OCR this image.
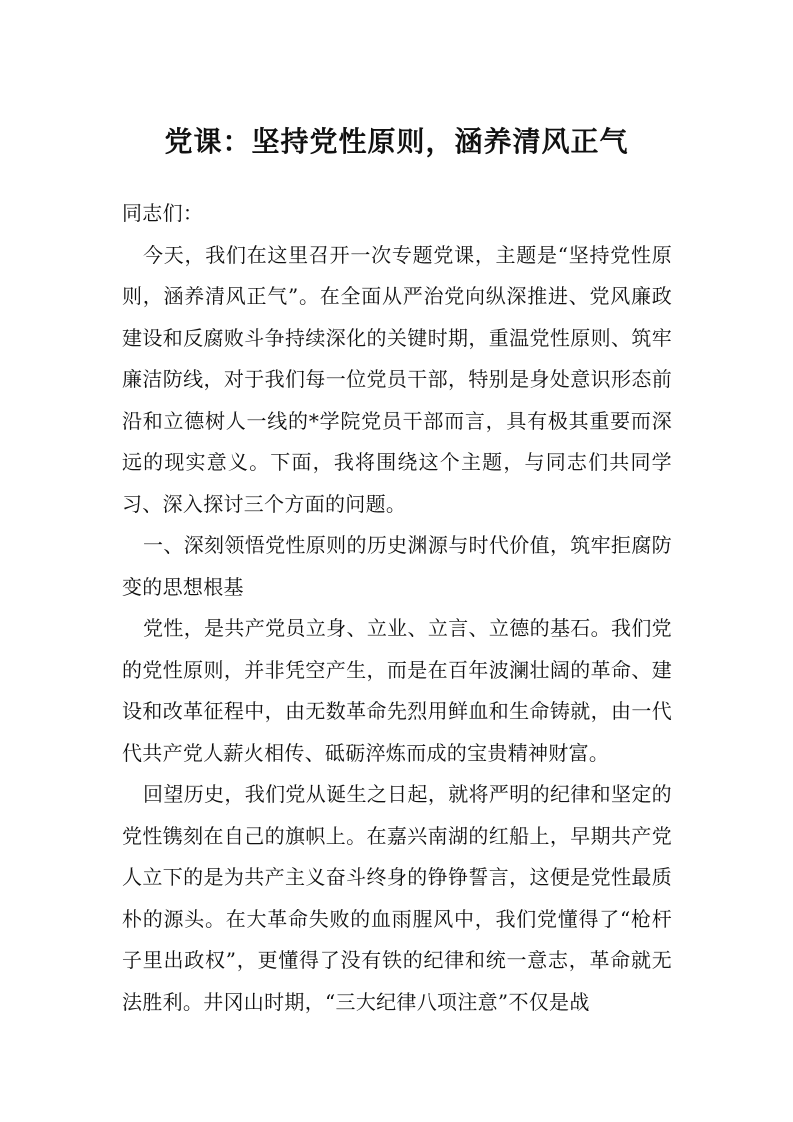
党课：坚持党性原则，涵养清风正气

同志们：

今天，我们在这里召开一次专题党课，主题是“坚持党性原则，涵养清风正气”。在全面从严治党向纵深推进、党风廉政建设和反腐败斗争持续深化的关键时期，重温党性原则、筑牢廉洁防线，对于我们每一位党员干部，特别是身处意识形态前沿和立德树人一线的*学院党员干部而言，具有极其重要而深远的现实意义。下面，我将围绕这个主题，与同志们共同学习、深入探讨三个方面的问题。

一、深刻领悟党性原则的历史渊源与时代价值，筑牢拒腐防变的思想根基

党性，是共产党员立身、立业、立言、立德的基石。我们党的党性原则，并非凭空产生，而是在百年波澜壮阔的革命、建设和改革征程中，由无数革命先烈用鲜血和生命铸就，由一代代共产党人薪火相传、砥砺淬炼而成的宝贵精神财富。

回望历史，我们党从诞生之日起，就将严明的纪律和坚定的党性镌刻在自己的旗帜上。在嘉兴南湖的红船上，早期共产党人立下的是为共产主义奋斗终身的铮铮誓言，这便是党性最质朴的源头。在大革命失败的血雨腥风中，我们党懂得了“枪杆子里出政权”，更懂得了没有铁的纪律和统一意志，革命就无法胜利。井冈山时期，“三大纪律八项注意”不仅是战
